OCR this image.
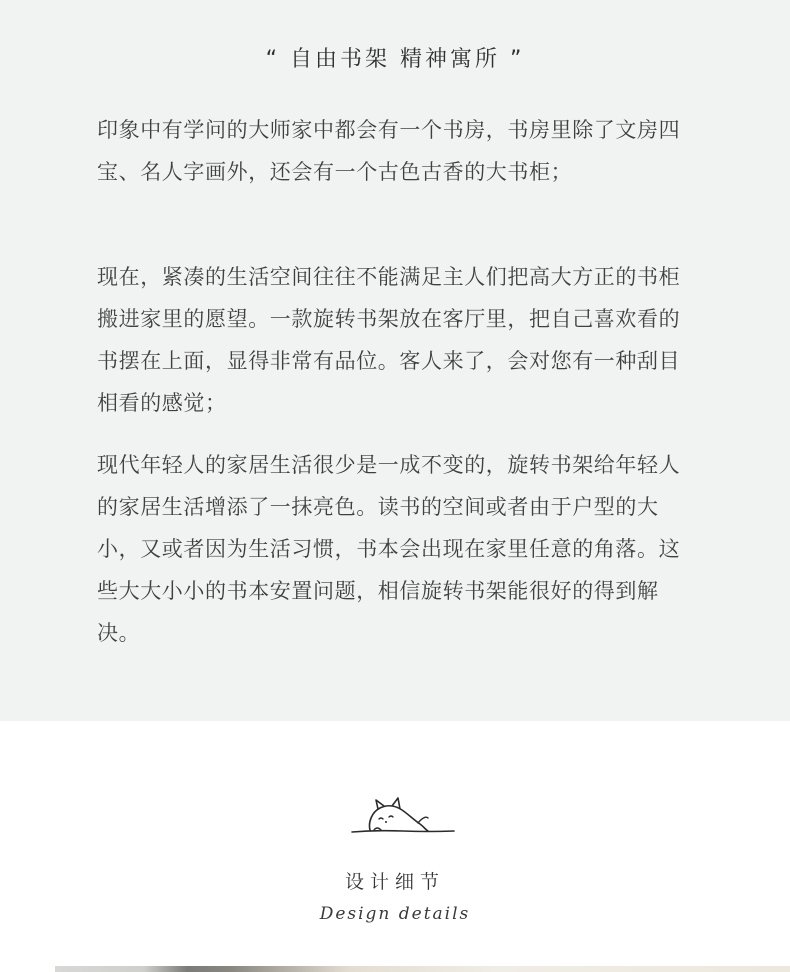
“ 自由书架 精神寓所 ”

印象中有学问的大师家中都会有一个书房，书房里除了文房四宝、名人字画外，还会有一个古色古香的大书柜；

现在，紧凑的生活空间往往不能满足主人们把高大方正的书柜搬进家里的愿望。一款旋转书架放在客厅里，把自己喜欢看的书摆在上面，显得非常有品位。客人来了，会对您有一种刮目相看的感觉；

现代年轻人的家居生活很少是一成不变的，旋转书架给年轻人的家居生活增添了一抹亮色。读书的空间或者由于户型的大小，又或者因为生活习惯，书本会出现在家里任意的角落。这些大大小小的书本安置问题，相信旋转书架能很好的得到解决。

设计细节
Design details
